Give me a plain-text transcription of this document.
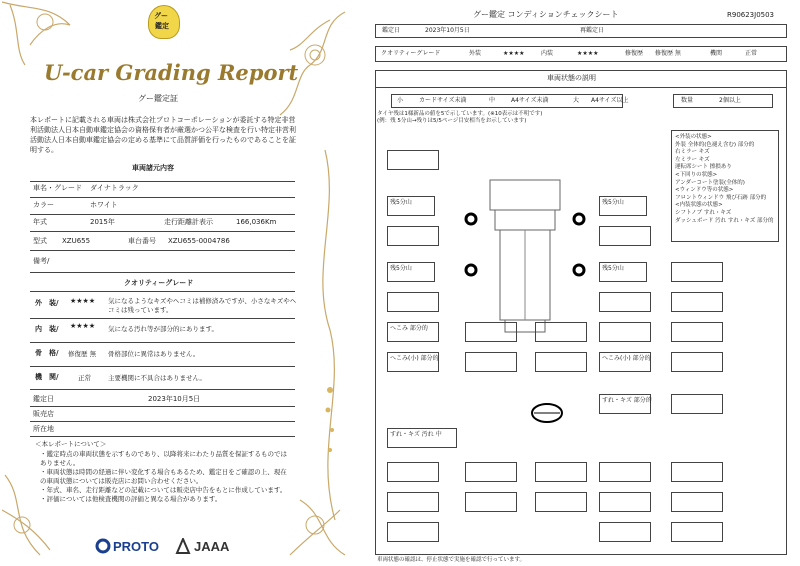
グー
鑑定
U-car Grading Report
グー鑑定証
本レポートに記載される車両は株式会社プロトコーポレーションが委託する特定非営利活動法人日本自動車鑑定協会の資格保有者が厳選かつ公平な検査を行い特定非営利活動法人日本自動車鑑定協会の定める基準にて品質評価を行ったものであることを証明する。
車両諸元内容
車名・グレード ダイナトラック
カラー	ホワイト
年式	2015年	走行距離計表示	166,036Km
型式 XZU655	車台番号 XZU655-0004786
備考/
クオリティーグレード
外　装/ ★★★★ 気になるようなキズやヘコミは補修済みですが、小さなキズやヘコミは残っています。
内　装/ ★★★★ 気になる汚れ等が部分的にあります。
骨　格/ 修復歴 無 骨格部位に異常はありません。
機　関/	正常	主要機関に不具合はありません。
鑑定日	2023年10月5日
販売店
所在地
＜本レポートについて＞
・鑑定時点の車両状態を示すものであり、以降将来にわたり品質を保証するものではありません。
・車両状態は時間の経過に伴い変化する場合もあるため、鑑定日をご確認の上、現在の車両状態については販売店にお問い合わせください。
・年式、車名、走行距離などの記載については販売店中告をもとに作成しています。
・評価については他検査機関の評価と異なる場合があります。
PROTO	JAAA
グー鑑定 コンディションチェックシート	R90623J0503
鑑定日	2023年10月5日	再鑑定日
クオリティーグレード	外装	★★★★	内装	★★★★	修復歴 修復歴 無	機関	正常
車両状態の説明
小	カードサイズ未満	中	A4サイズ未満	大 A4サイズ以上	数量	2個以上
タイヤ残は1様新品の値を5で示しています。(※10表示は不明です)
(例：残 5分山→残りは5/5ページ目安相当をお示しています)
残5分山
残5分山
残5分山
残5分山
へこみ 部分的
へこみ(小) 部分的	へこみ(小) 部分的
すれ・キズ 部分的
すれ・キズ 汚れ 中
<外装の状態>
外装 全体的(色褪え含む) 部分的
右ミラー キズ
左ミラー キズ
運転席シート 擦損あり
<下回りの状態>
アンダーコート塗装(全体的)
<ウィンドウ等の状態>
フロントウィンドウ 飛び石跡 部分的
<内装状態の状態>
シフトノブ すれ・キズ
ダッシュボード 汚れ すれ・キズ 部分的
車両状態の確認は、停止状態で実施を確認で行っています。
